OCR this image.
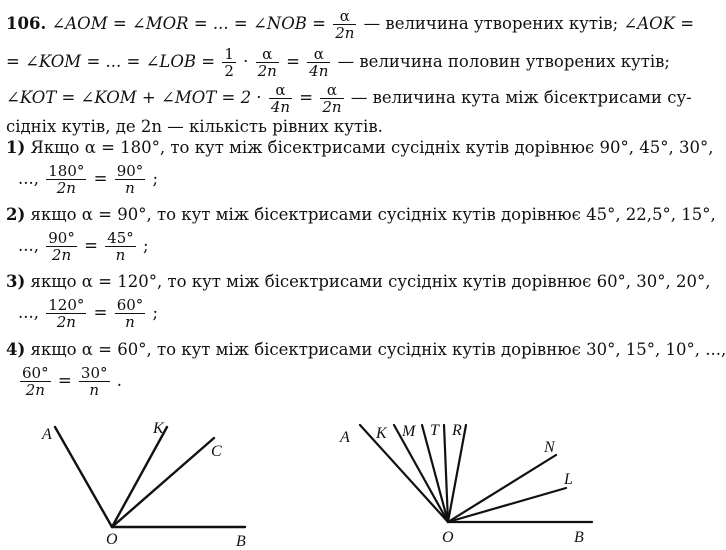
106. ∠AOM = ∠MOR = ... = ∠NOB = $\frac{\alpha}{2n}$ — величина утворених кутів; ∠AOK =
= ∠KOM = ... = ∠LOB = $\frac{1}{2} \cdot \frac{\alpha}{2n} = \frac{\alpha}{4n}$ — величина половин утворених кутів;
∠KOT = ∠KOM + ∠MOT = $2 \cdot \frac{\alpha}{4n} = \frac{\alpha}{2n}$ — величина кута між бісектрисами су-
сідніх кутів, де 2n — кількість рівних кутів.
1) Якщо α = 180°, то кут між бісектрисами сусідніх кутів дорівнює 90°, 45°, 30°,
..., $\frac{180^\circ}{2n} = \frac{90^\circ}{n}$ ;
2) якщо α = 90°, то кут між бісектрисами сусідніх кутів дорівнює 45°, 22,5°, 15°,
..., $\frac{90^\circ}{2n} = \frac{45^\circ}{n}$ ;
3) якщо α = 120°, то кут між бісектрисами сусідніх кутів дорівнює 60°, 30°, 20°,
..., $\frac{120^\circ}{2n} = \frac{60^\circ}{n}$ ;
4) якщо α = 60°, то кут між бісектрисами сусідніх кутів дорівнює 30°, 15°, 10°, ...,
$\frac{60^\circ}{2n} = \frac{30^\circ}{n}$ .
A	K
C
O	B
A K M T R
N
L
O	B
